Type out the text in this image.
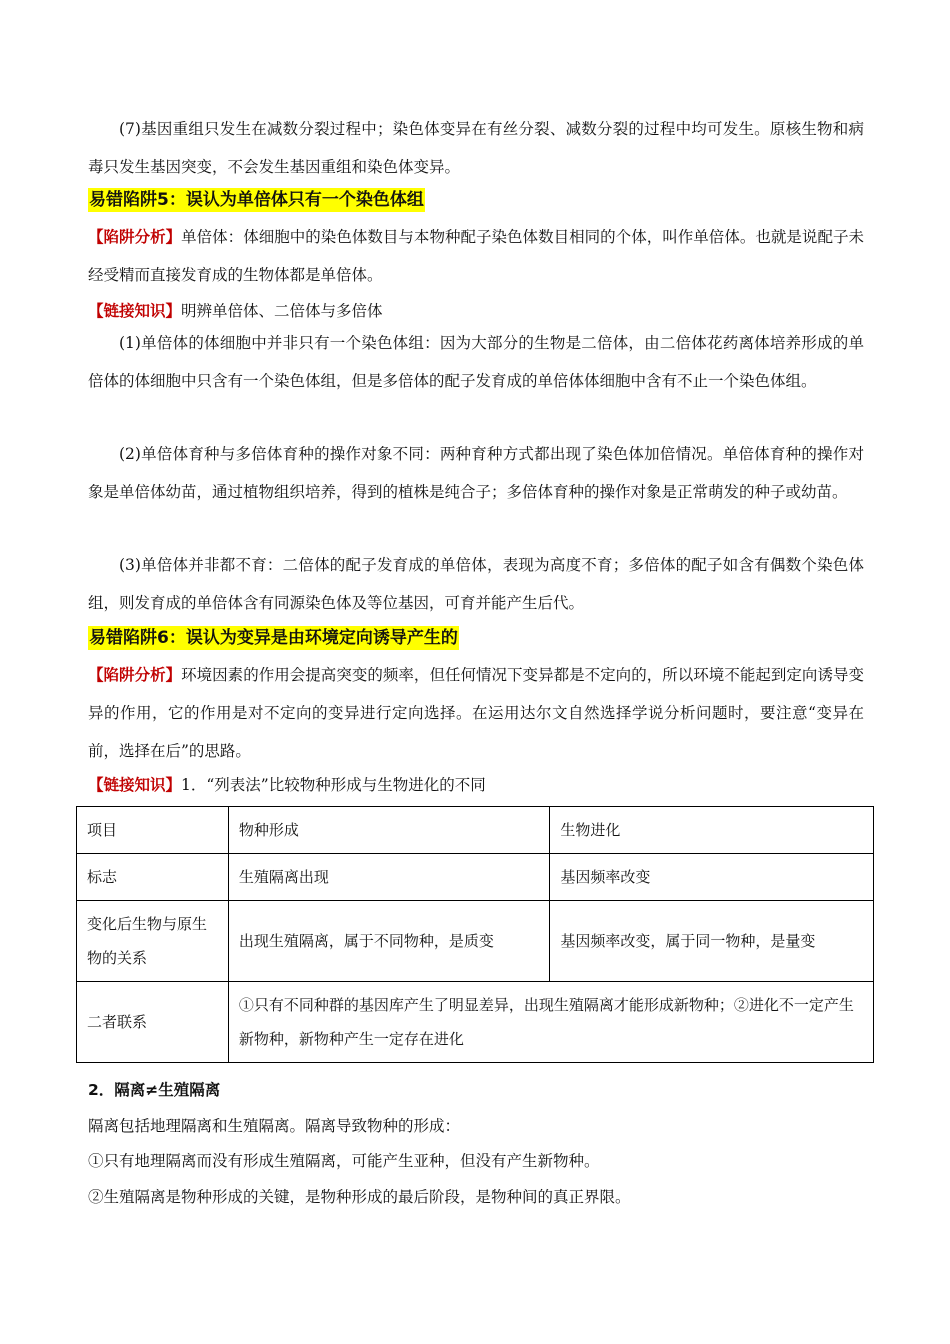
(7)基因重组只发生在减数分裂过程中；染色体变异在有丝分裂、减数分裂的过程中均可发生。原核生物和病毒只发生基因突变，不会发生基因重组和染色体变异。

易错陷阱5：误认为单倍体只有一个染色体组

【陷阱分析】单倍体：体细胞中的染色体数目与本物种配子染色体数目相同的个体，叫作单倍体。也就是说配子未经受精而直接发育成的生物体都是单倍体。

【链接知识】明辨单倍体、二倍体与多倍体

(1)单倍体的体细胞中并非只有一个染色体组：因为大部分的生物是二倍体，由二倍体花药离体培养形成的单倍体的体细胞中只含有一个染色体组，但是多倍体的配子发育成的单倍体体细胞中含有不止一个染色体组。

(2)单倍体育种与多倍体育种的操作对象不同：两种育种方式都出现了染色体加倍情况。单倍体育种的操作对象是单倍体幼苗，通过植物组织培养，得到的植株是纯合子；多倍体育种的操作对象是正常萌发的种子或幼苗。

(3)单倍体并非都不育：二倍体的配子发育成的单倍体，表现为高度不育；多倍体的配子如含有偶数个染色体组，则发育成的单倍体含有同源染色体及等位基因，可育并能产生后代。

易错陷阱6：误认为变异是由环境定向诱导产生的

【陷阱分析】环境因素的作用会提高突变的频率，但任何情况下变异都是不定向的，所以环境不能起到定向诱导变异的作用，它的作用是对不定向的变异进行定向选择。在运用达尔文自然选择学说分析问题时，要注意“变异在前，选择在后”的思路。

【链接知识】1．“列表法”比较物种形成与生物进化的不同

项目	物种形成	生物进化
标志	生殖隔离出现	基因频率改变
变化后生物与原生物的关系	出现生殖隔离，属于不同物种，是质变	基因频率改变，属于同一物种，是量变
二者联系	①只有不同种群的基因库产生了明显差异，出现生殖隔离才能形成新物种；②进化不一定产生新物种，新物种产生一定存在进化	

2．隔离≠生殖隔离

隔离包括地理隔离和生殖隔离。隔离导致物种的形成：

①只有地理隔离而没有形成生殖隔离，可能产生亚种，但没有产生新物种。

②生殖隔离是物种形成的关键，是物种形成的最后阶段，是物种间的真正界限。
